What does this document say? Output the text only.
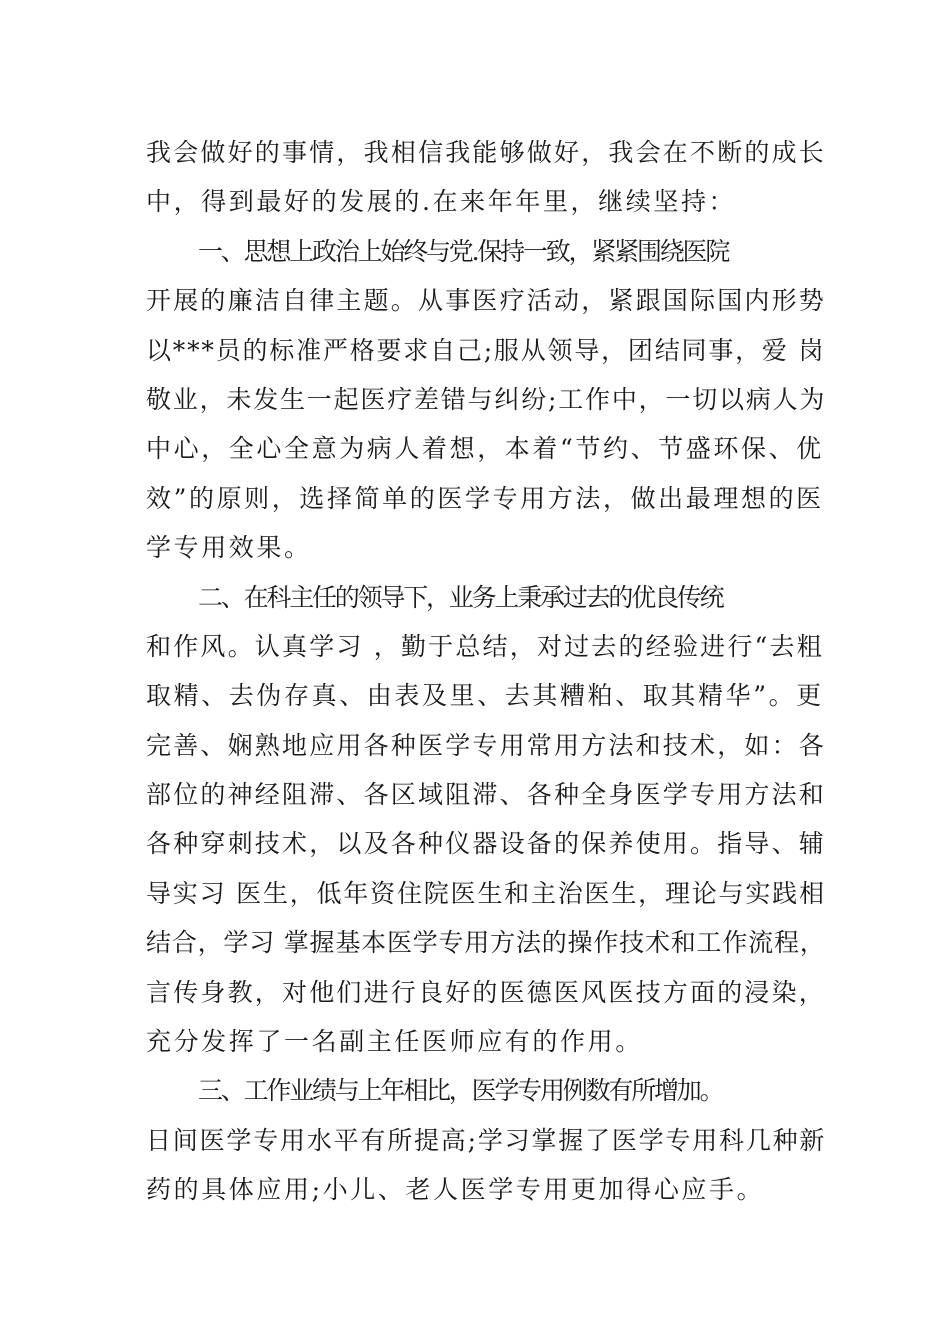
我会做好的事情，我相信我能够做好，我会在不断的成长
中，得到最好的发展的.在来年年里，继续坚持：
一、思想上政治上始终与党.保持一致，紧紧围绕医院
开展的廉洁自律主题。从事医疗活动，紧跟国际国内形势
以***员的标准严格要求自己;服从领导，团结同事，爱 岗
敬业，未发生一起医疗差错与纠纷;工作中，一切以病人为
中心，全心全意为病人着想，本着“节约、节盛环保、优
效”的原则，选择简单的医学专用方法，做出最理想的医
学专用效果。
二、在科主任的领导下，业务上秉承过去的优良传统
和作风。认真学习 ，勤于总结，对过去的经验进行“去粗
取精、去伪存真、由表及里、去其糟粕、取其精华”。更
完善、娴熟地应用各种医学专用常用方法和技术，如：各
部位的神经阻滞、各区域阻滞、各种全身医学专用方法和
各种穿刺技术，以及各种仪器设备的保养使用。指导、辅
导实习 医生，低年资住院医生和主治医生，理论与实践相
结合，学习 掌握基本医学专用方法的操作技术和工作流程，
言传身教，对他们进行良好的医德医风医技方面的浸染，
充分发挥了一名副主任医师应有的作用。
三、工作业绩与上年相比，医学专用例数有所增加。
日间医学专用水平有所提高;学习掌握了医学专用科几种新
药的具体应用;小儿、老人医学专用更加得心应手。
